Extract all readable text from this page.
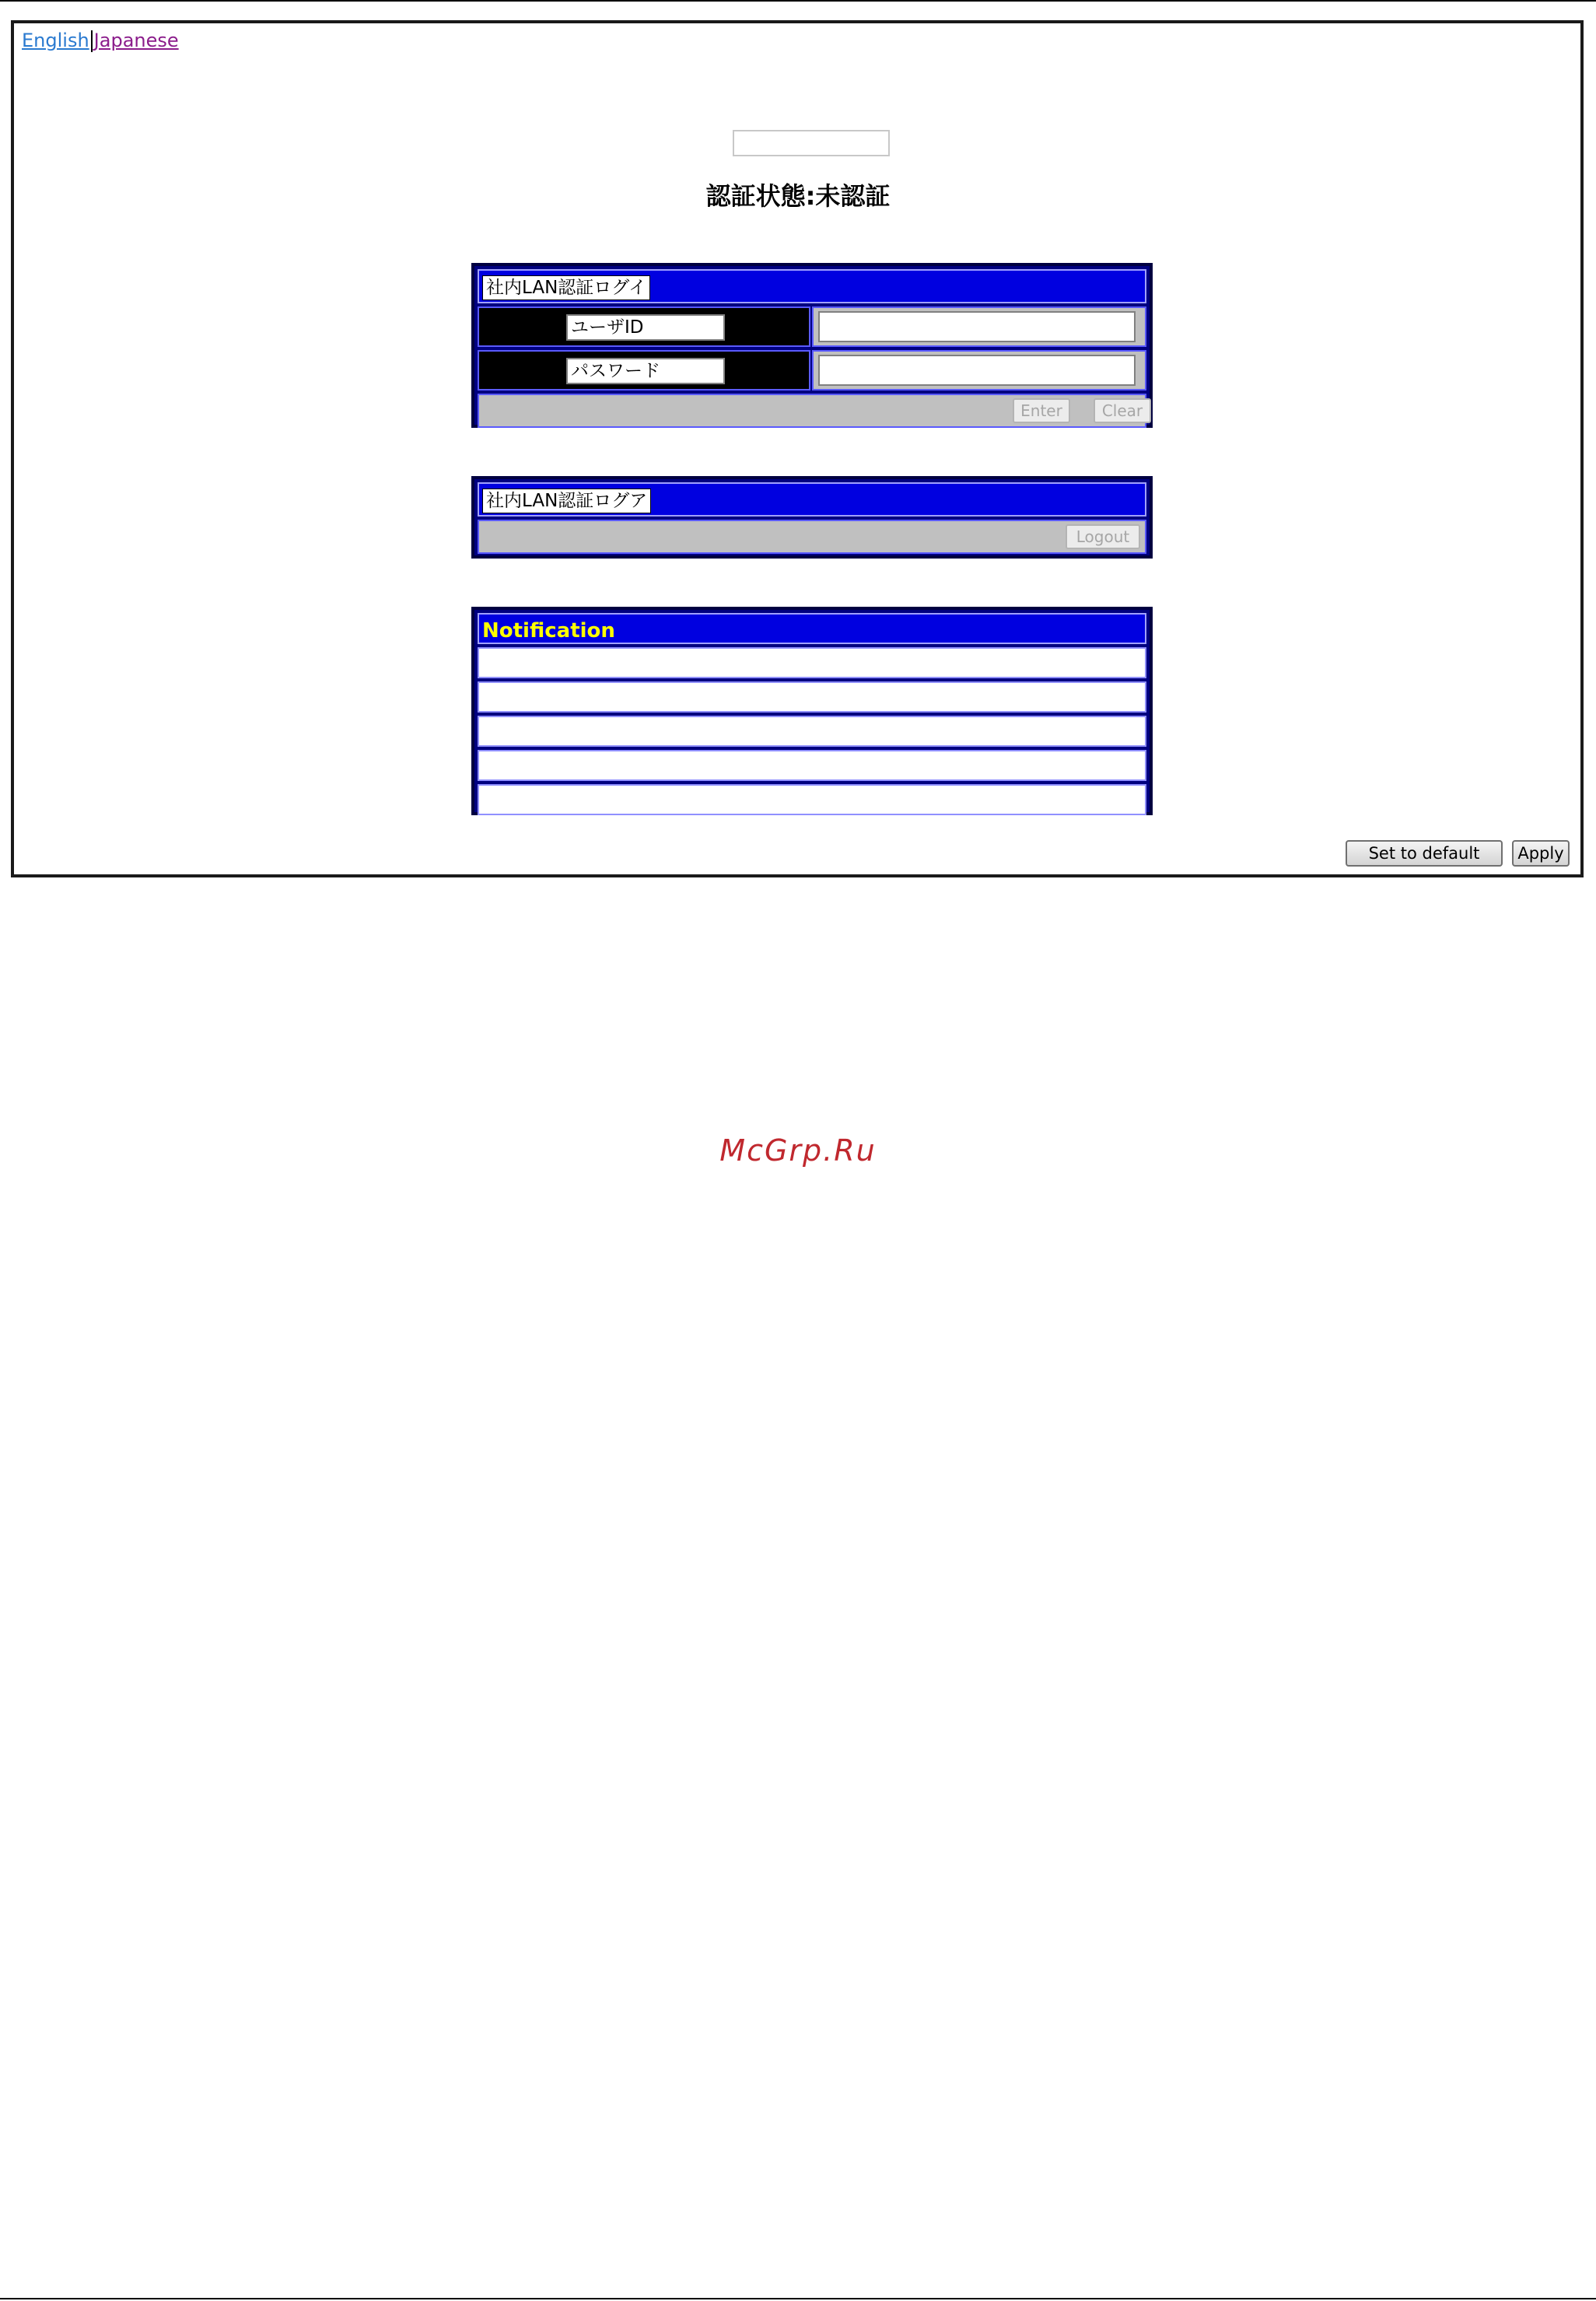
English Japanese
認証状態:未認証
社内LAN認証ログイ
ユーザID
パスワード
Enter	Clear
社内LAN認証ログア
Logout
Notification
Set to default	Apply
McGrp.Ru
